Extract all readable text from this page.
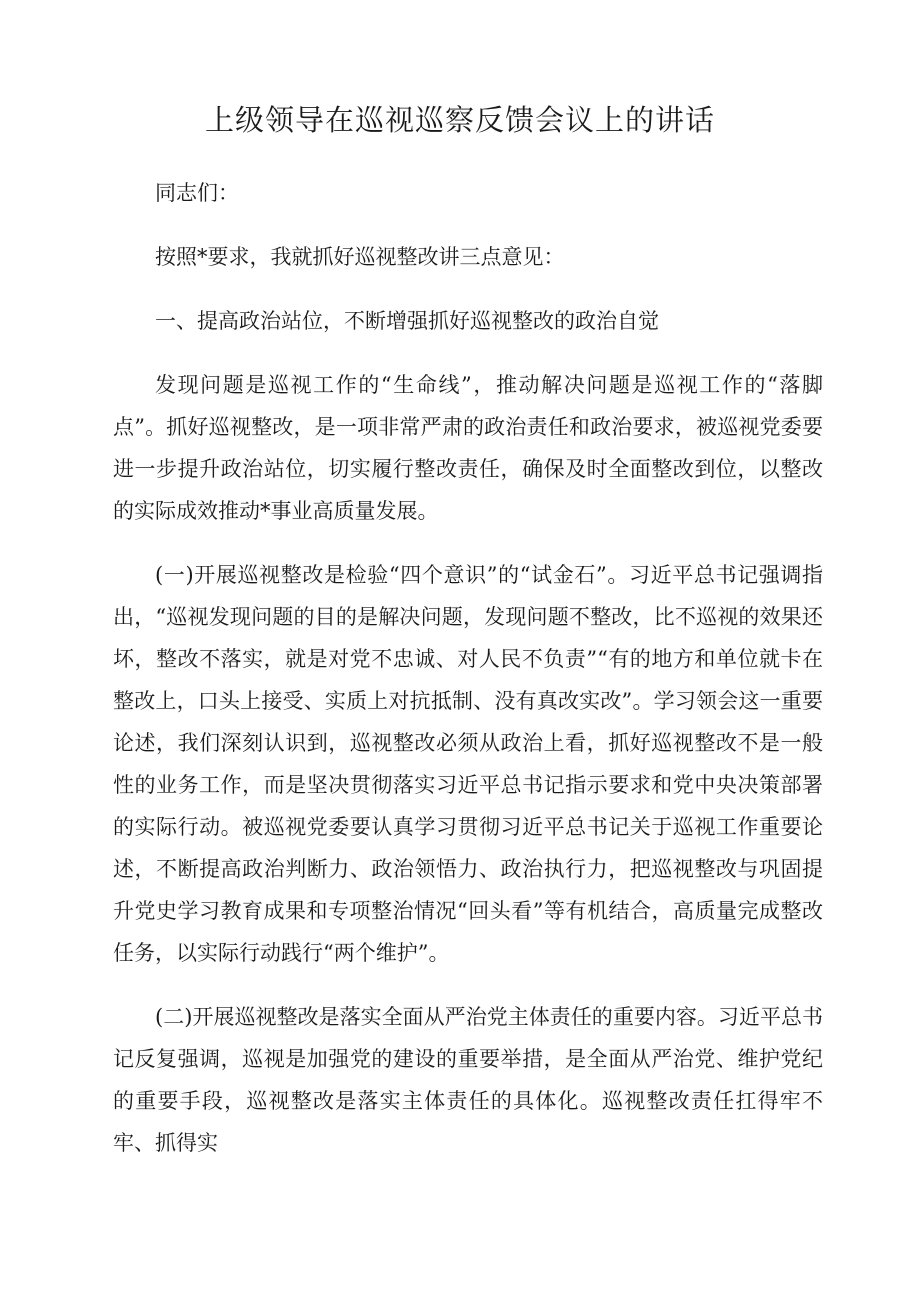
上级领导在巡视巡察反馈会议上的讲话

同志们：

按照*要求，我就抓好巡视整改讲三点意见：

一、提高政治站位，不断增强抓好巡视整改的政治自觉

发现问题是巡视工作的“生命线”，推动解决问题是巡视工作的“落脚点”。抓好巡视整改，是一项非常严肃的政治责任和政治要求，被巡视党委要进一步提升政治站位，切实履行整改责任，确保及时全面整改到位，以整改的实际成效推动*事业高质量发展。

(一)开展巡视整改是检验“四个意识”的“试金石”。习近平总书记强调指出，“巡视发现问题的目的是解决问题，发现问题不整改，比不巡视的效果还坏，整改不落实，就是对党不忠诚、对人民不负责”“有的地方和单位就卡在整改上，口头上接受、实质上对抗抵制、没有真改实改”。学习领会这一重要论述，我们深刻认识到，巡视整改必须从政治上看，抓好巡视整改不是一般性的业务工作，而是坚决贯彻落实习近平总书记指示要求和党中央决策部署的实际行动。被巡视党委要认真学习贯彻习近平总书记关于巡视工作重要论述，不断提高政治判断力、政治领悟力、政治执行力，把巡视整改与巩固提升党史学习教育成果和专项整治情况“回头看”等有机结合，高质量完成整改任务，以实际行动践行“两个维护”。

(二)开展巡视整改是落实全面从严治党主体责任的重要内容。习近平总书记反复强调，巡视是加强党的建设的重要举措，是全面从严治党、维护党纪的重要手段，巡视整改是落实主体责任的具体化。巡视整改责任扛得牢不牢、抓得实
